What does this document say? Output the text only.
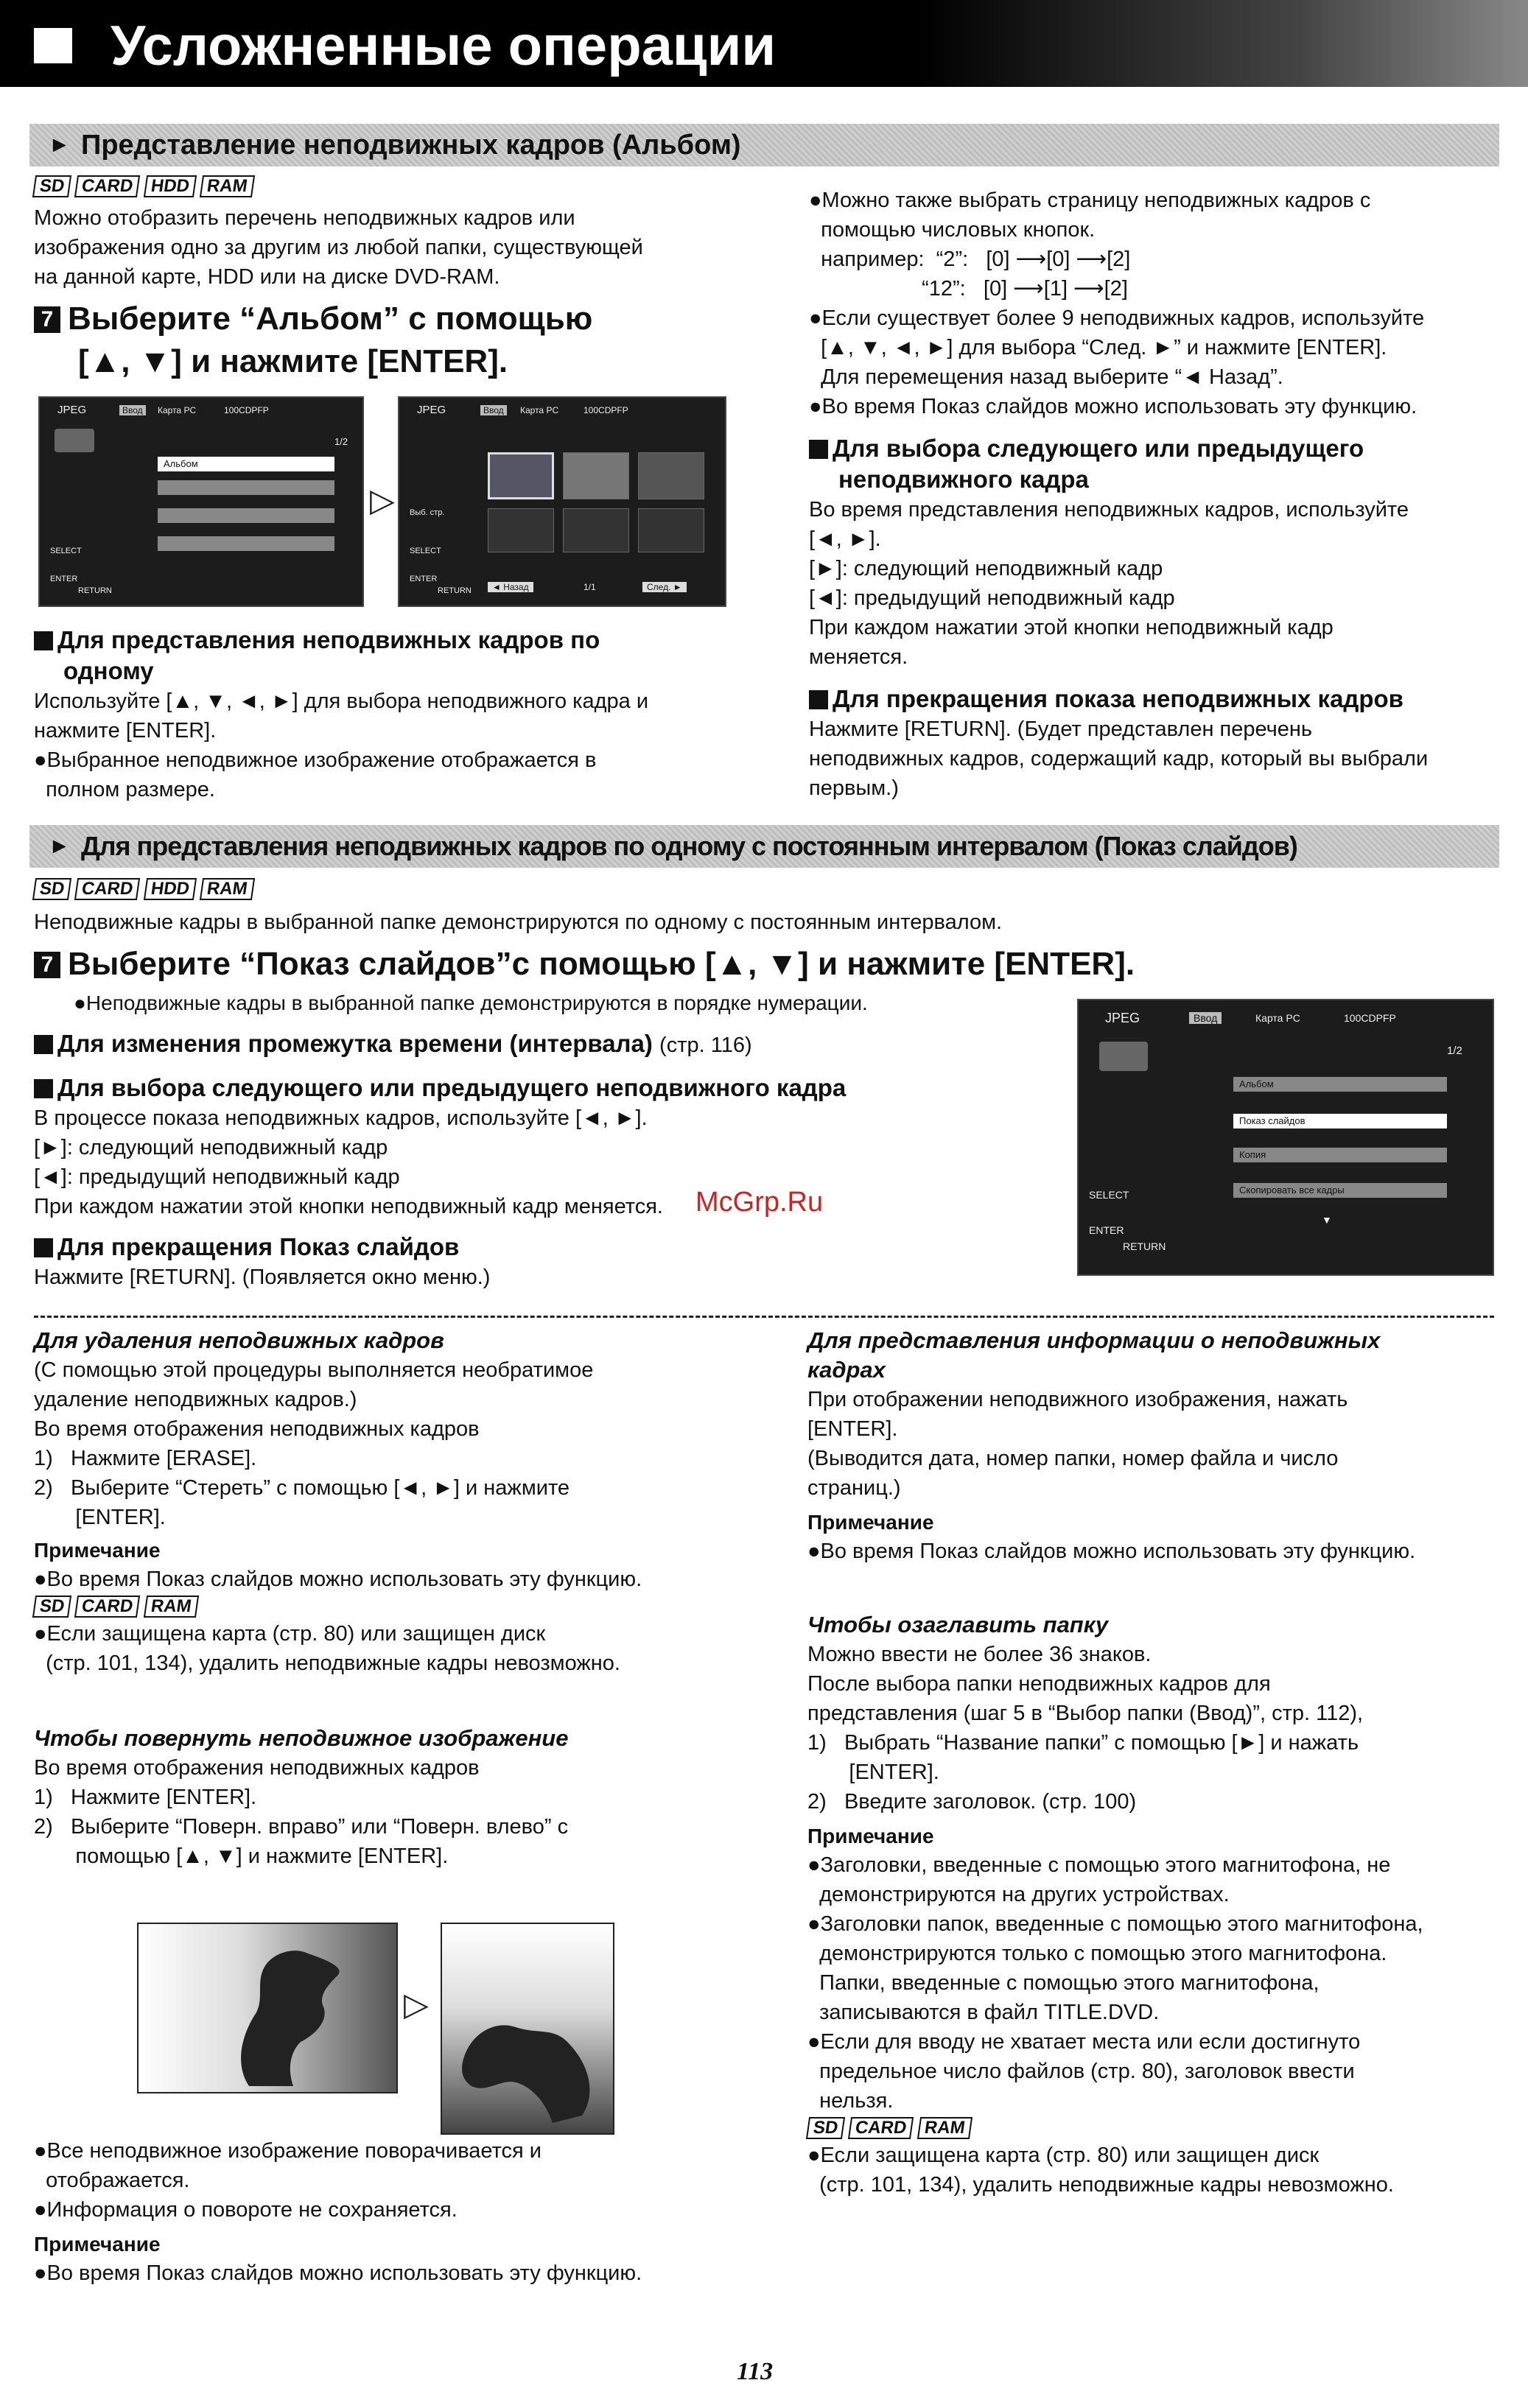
Усложненные операции
► Представление неподвижных кадров (Альбом)
SD CARD HDD RAM
Можно отобразить перечень неподвижных кадров или
изображения одно за другим из любой папки, существующей
на данной карте, HDD или на диске DVD-RAM.
7 Выберите “Альбом” с помощью
[▲, ▼] и нажмите [ENTER].
JPEG	Ввод	Карта PC	100CDPFP
1/2
Альбом
SELECT
ENTER
RETURN
▷
JPEG	Ввод	Карта PC	100CDPFP
Выб. стр.
SELECT
ENTER
RETURN	◄ Назад	1/1	След. ►
Для представления неподвижных кадров по
одному
Используйте [▲, ▼, ◄, ►] для выбора неподвижного кадра и
нажмите [ENTER].
●Выбранное неподвижное изображение отображается в
полном размере.
●Можно также выбрать страницу неподвижных кадров с
помощью числовых кнопок.
например:  “2”:   [0] ⟶[0] ⟶[2]
“12”:   [0] ⟶[1] ⟶[2]
●Если существует более 9 неподвижных кадров, используйте
[▲, ▼, ◄, ►] для выбора “След. ►” и нажмите [ENTER].
Для перемещения назад выберите “◄ Назад”.
●Во время Показ слайдов можно использовать эту функцию.
Для выбора следующего или предыдущего
неподвижного кадра
Во время представления неподвижных кадров, используйте
[◄, ►].
[►]: следующий неподвижный кадр
[◄]: предыдущий неподвижный кадр
При каждом нажатии этой кнопки неподвижный кадр
меняется.
Для прекращения показа неподвижных кадров
Нажмите [RETURN]. (Будет представлен перечень
неподвижных кадров, содержащий кадр, который вы выбрали
первым.)
► Для представления неподвижных кадров по одному с постоянным интервалом (Показ слайдов)
SD CARD HDD RAM
Неподвижные кадры в выбранной папке демонстрируются по одному с постоянным интервалом.
7 Выберите “Показ слайдов”с помощью [▲, ▼] и нажмите [ENTER].
●Неподвижные кадры в выбранной папке демонстрируются в порядке нумерации.
Для изменения промежутка времени (интервала) (стр. 116)
Для выбора следующего или предыдущего неподвижного кадра
В процессе показа неподвижных кадров, используйте [◄, ►].
[►]: следующий неподвижный кадр
[◄]: предыдущий неподвижный кадр
При каждом нажатии этой кнопки неподвижный кадр меняется.	McGrp.Ru
Для прекращения Показ слайдов
Нажмите [RETURN]. (Появляется окно меню.)
JPEG	Ввод	Карта PC	100CDPFP
1/2
Альбом
Показ слайдов
Копия
Скопировать все кадры
▼
SELECT
ENTER
RETURN
Для удаления неподвижных кадров
(С помощью этой процедуры выполняется необратимое
удаление неподвижных кадров.)
Во время отображения неподвижных кадров
1)   Нажмите [ERASE].
2)   Выберите “Стереть” с помощью [◄, ►] и нажмите
[ENTER].
Примечание
●Во время Показ слайдов можно использовать эту функцию.
SD CARD RAM
●Если защищена карта (стр. 80) или защищен диск
(стр. 101, 134), удалить неподвижные кадры невозможно.
Чтобы повернуть неподвижное изображение
Во время отображения неподвижных кадров
1)   Нажмите [ENTER].
2)   Выберите “Поверн. вправо” или “Поверн. влево” с
помощью [▲, ▼] и нажмите [ENTER].
▷
●Все неподвижное изображение поворачивается и
отображается.
●Информация о повороте не сохраняется.
Примечание
●Во время Показ слайдов можно использовать эту функцию.
Для представления информации о неподвижных
кадрах
При отображении неподвижного изображения, нажать
[ENTER].
(Выводится дата, номер папки, номер файла и число
страниц.)
Примечание
●Во время Показ слайдов можно использовать эту функцию.
Чтобы озаглавить папку
Можно ввести не более 36 знаков.
После выбора папки неподвижных кадров для
представления (шаг 5 в “Выбор папки (Ввод)”, стр. 112),
1)   Выбрать “Название папки” с помощью [►] и нажать
[ENTER].
2)   Введите заголовок. (стр. 100)
Примечание
●Заголовки, введенные с помощью этого магнитофона, не
демонстрируются на других устройствах.
●Заголовки папок, введенные с помощью этого магнитофона,
демонстрируются только с помощью этого магнитофона.
Папки, введенные с помощью этого магнитофона,
записываются в файл TITLE.DVD.
●Если для вводу не хватает места или если достигнуто
предельное число файлов (стр. 80), заголовок ввести
нельзя.
SD CARD RAM
●Если защищена карта (стр. 80) или защищен диск
(стр. 101, 134), удалить неподвижные кадры невозможно.
113
